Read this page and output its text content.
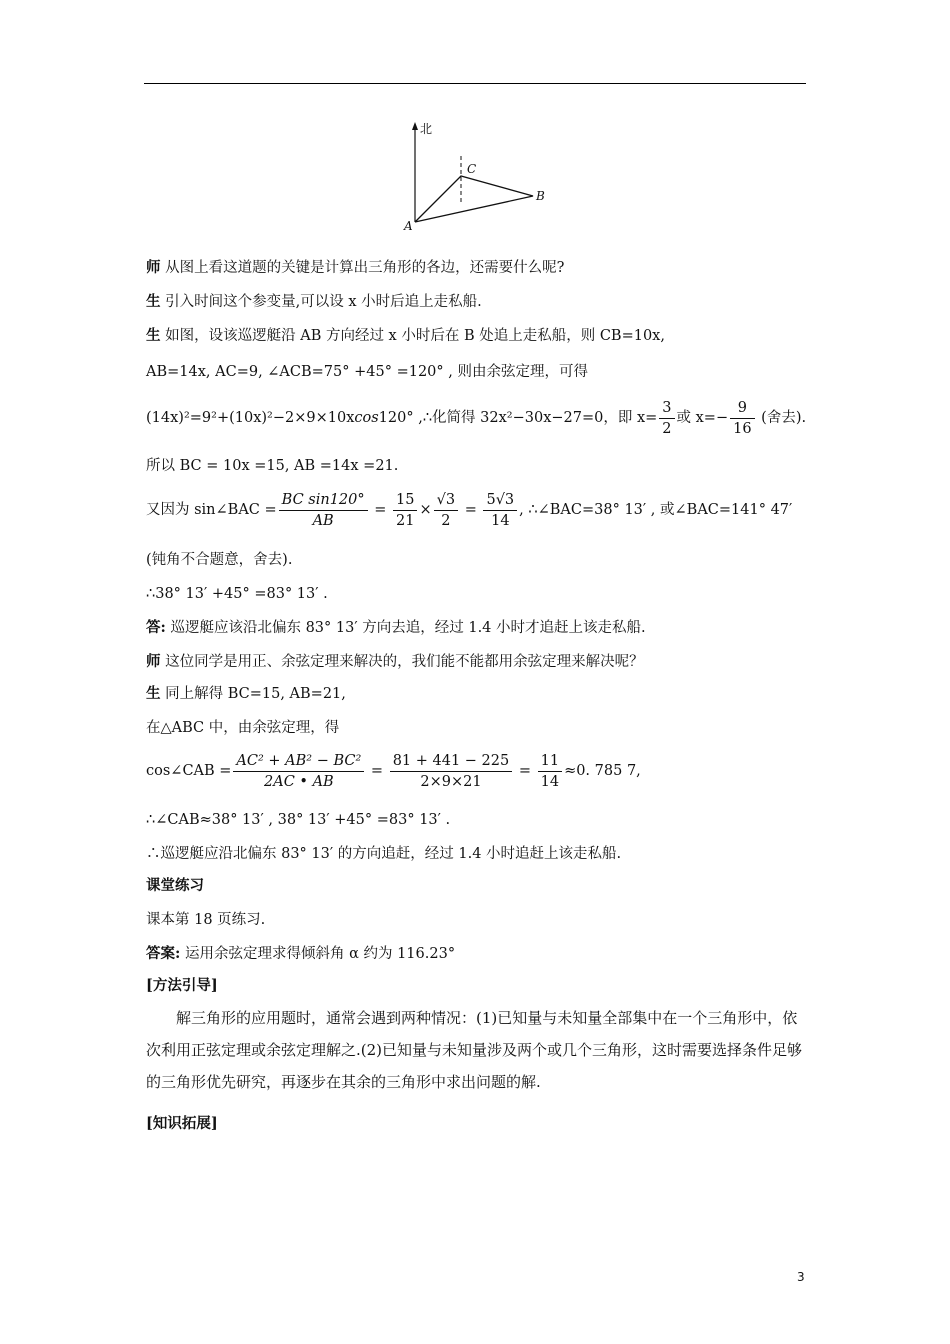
北
A
C
B
师 从图上看这道题的关键是计算出三角形的各边，还需要什么呢?
生 引入时间这个参变量,可以设 x 小时后追上走私船.
生 如图，设该巡逻艇沿 AB 方向经过 x 小时后在 B 处追上走私船，则 CB=10x,
AB=14x, AC=9, ∠ACB=75° +45° =120° , 则由余弦定理，可得
(14x)²=9²+(10x)²−2×9×10xcos120° ,∴化简得 32x²−30x−27=0，即 $x= \frac{3}{2}$ 或 $x=- \frac{9}{16}$ (舍去).
所以 BC = 10x =15, AB =14x =21.
又因为 sin∠BAC = $\frac{\text{BC sin120°}}{AB} = \frac{15}{21} \times \frac{√3}{2} = \frac{5√3}{14}$ , ∴∠BAC=38° 13′ , 或∠BAC=141° 47′
(钝角不合题意，舍去).
∴38° 13′ +45° =83° 13′ .
答: 巡逻艇应该沿北偏东 83° 13′ 方向去追，经过 1.4 小时才追赶上该走私船.
师 这位同学是用正、余弦定理来解决的，我们能不能都用余弦定理来解决呢？
生 同上解得 BC=15, AB=21,
在△ABC 中，由余弦定理，得
cos∠CAB = $\frac{\text{AC² + AB² − BC²}}{2AC • AB} = \frac{81 + 441 - 225}{2\times 9\times 21} = \frac{11}{14} \approx 0$. 785 7,
∴∠CAB≈38° 13′ , 38° 13′ +45° =83° 13′ .
∴巡逻艇应沿北偏东 83° 13′ 的方向追赶，经过 1.4 小时追赶上该走私船.
课堂练习
课本第 18 页练习.
答案: 运用余弦定理求得倾斜角 α 约为 116.23°
[方法引导]
解三角形的应用题时，通常会遇到两种情况：(1)已知量与未知量全部集中在一个三角形中，依次利用正弦定理或余弦定理解之.(2)已知量与未知量涉及两个或几个三角形，这时需要选择条件足够的三角形优先研究，再逐步在其余的三角形中求出问题的解.
[知识拓展]
3
